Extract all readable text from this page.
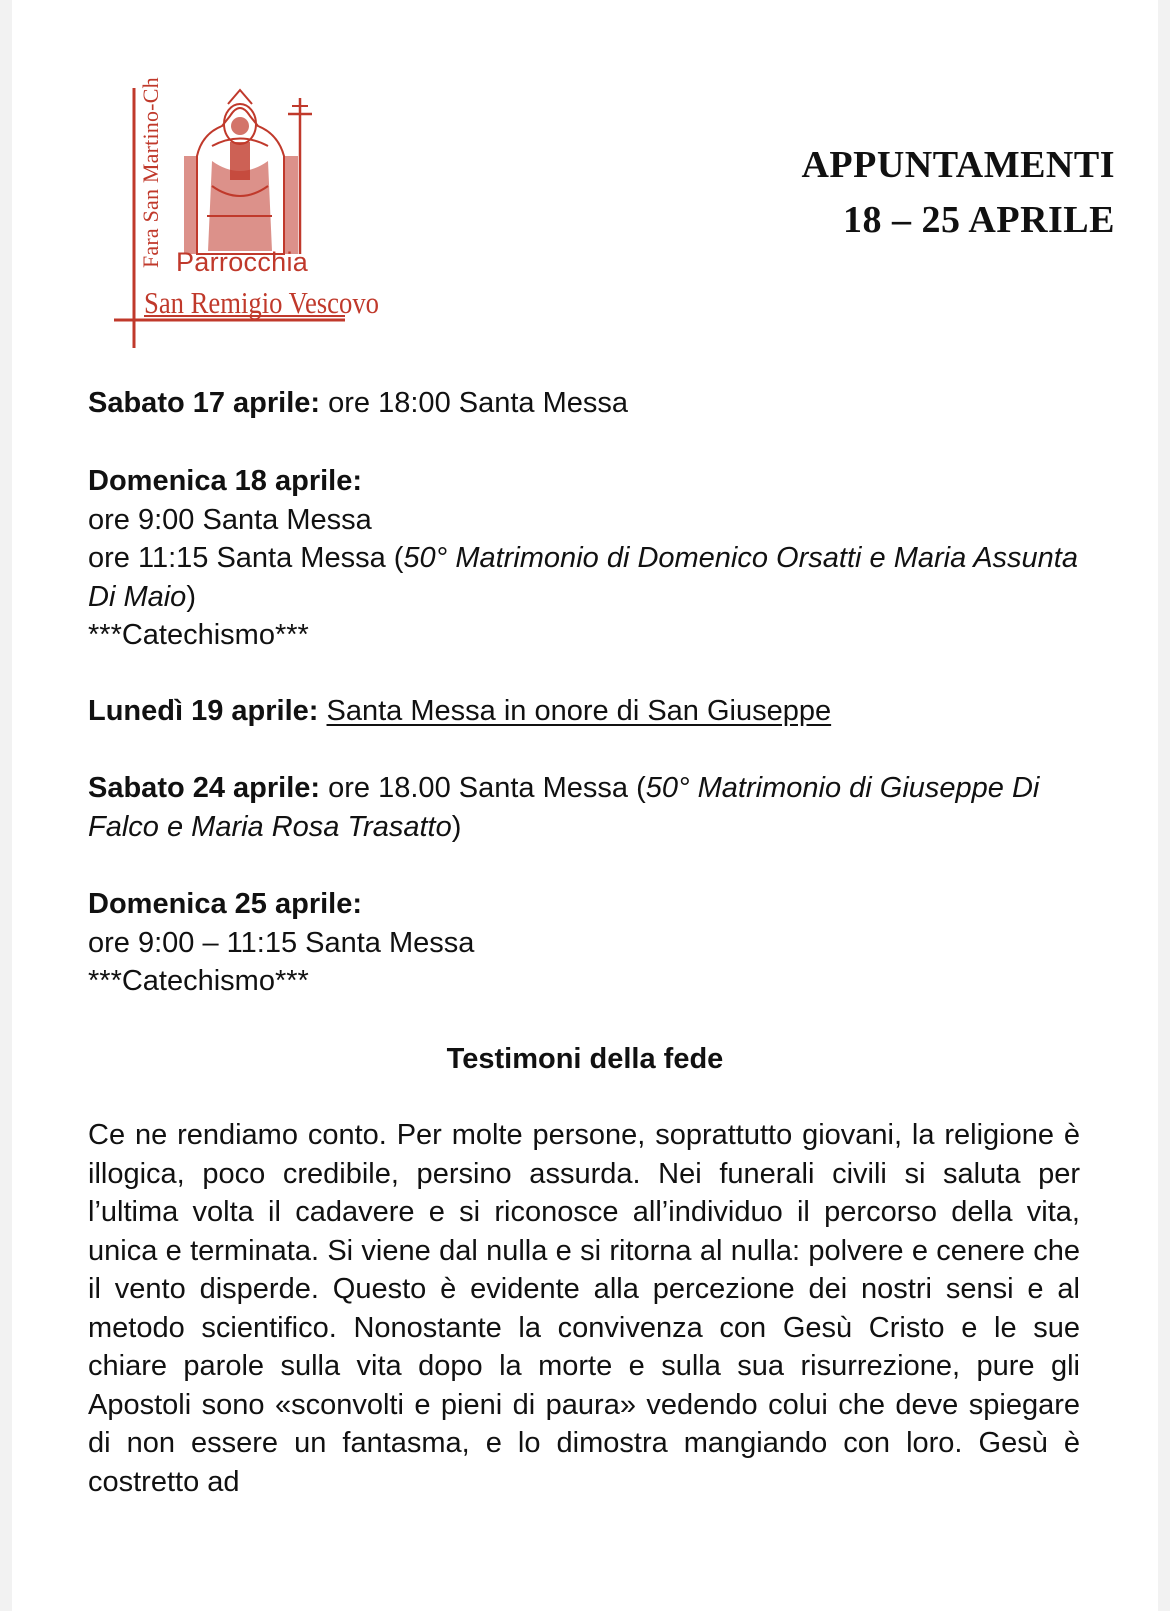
Fara San Martino-Ch Parrocchia
San Remigio Vescovo
APPUNTAMENTI
18 – 25 APRILE
Sabato 17 aprile: ore 18:00 Santa Messa
Domenica 18 aprile:
ore 9:00 Santa Messa
ore 11:15 Santa Messa (50° Matrimonio di Domenico Orsatti e Maria Assunta Di Maio)
***Catechismo***
Lunedì 19 aprile: Santa Messa in onore di San Giuseppe
Sabato 24 aprile: ore 18.00 Santa Messa (50° Matrimonio di Giuseppe Di Falco e Maria Rosa Trasatto)
Domenica 25 aprile:
ore 9:00 – 11:15 Santa Messa
***Catechismo***
Testimoni della fede
Ce ne rendiamo conto. Per molte persone, soprattutto giovani, la religione è illogica, poco credibile, persino assurda. Nei funerali civili si saluta per l’ultima volta il cadavere e si riconosce all’individuo il percorso della vita, unica e terminata. Si viene dal nulla e si ritorna al nulla: polvere e cenere che il vento disperde. Questo è evidente alla percezione dei nostri sensi e al metodo scientifico. Nonostante la convivenza con Gesù Cristo e le sue chiare parole sulla vita dopo la morte e sulla sua risurrezione, pure gli Apostoli sono «sconvolti e pieni di paura» vedendo colui che deve spiegare di non essere un fantasma, e lo dimostra mangiando con loro. Gesù è costretto ad
